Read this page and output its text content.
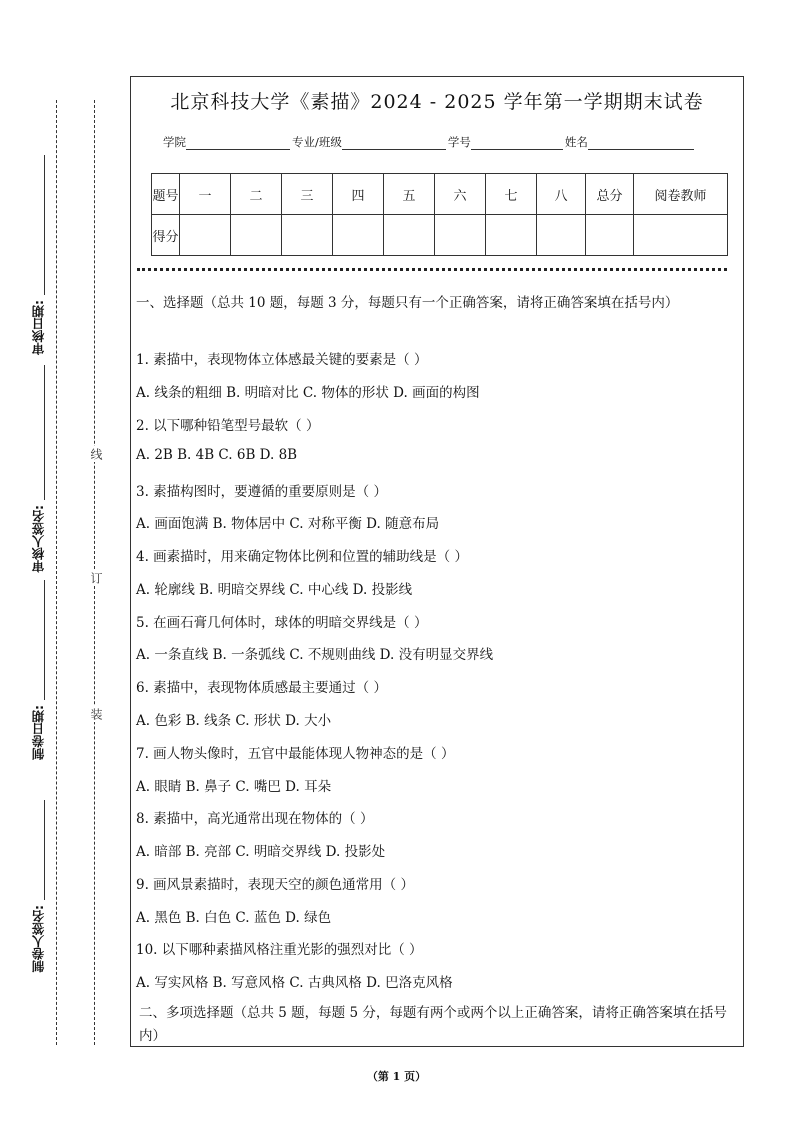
审核日期:
审核人签名:
制卷日期:
制卷人签名:
线
订
装
北京科技大学《素描》2024 - 2025 学年第一学期期末试卷
学院	专业/班级	学号	姓名
题号	一	二	三	四	五	六	七	八	总分	阅卷教师
得分										
一、选择题（总共 10 题，每题 3 分，每题只有一个正确答案，请将正确答案填在括号内）
1. 素描中，表现物体立体感最关键的要素是（ ）
A. 线条的粗细 B. 明暗对比 C. 物体的形状 D. 画面的构图
2. 以下哪种铅笔型号最软（ ）
A. 2B B. 4B C. 6B D. 8B
3. 素描构图时，要遵循的重要原则是（ ）
A. 画面饱满 B. 物体居中 C. 对称平衡 D. 随意布局
4. 画素描时，用来确定物体比例和位置的辅助线是（ ）
A. 轮廓线 B. 明暗交界线 C. 中心线 D. 投影线
5. 在画石膏几何体时，球体的明暗交界线是（ ）
A. 一条直线 B. 一条弧线 C. 不规则曲线 D. 没有明显交界线
6. 素描中，表现物体质感最主要通过（ ）
A. 色彩 B. 线条 C. 形状 D. 大小
7. 画人物头像时，五官中最能体现人物神态的是（ ）
A. 眼睛 B. 鼻子 C. 嘴巴 D. 耳朵
8. 素描中，高光通常出现在物体的（ ）
A. 暗部 B. 亮部 C. 明暗交界线 D. 投影处
9. 画风景素描时，表现天空的颜色通常用（ ）
A. 黑色 B. 白色 C. 蓝色 D. 绿色
10. 以下哪种素描风格注重光影的强烈对比（ ）
A. 写实风格 B. 写意风格 C. 古典风格 D. 巴洛克风格
二、多项选择题（总共 5 题，每题 5 分，每题有两个或两个以上正确答案，请将正确答案填在括号内）
（第 1 页）
